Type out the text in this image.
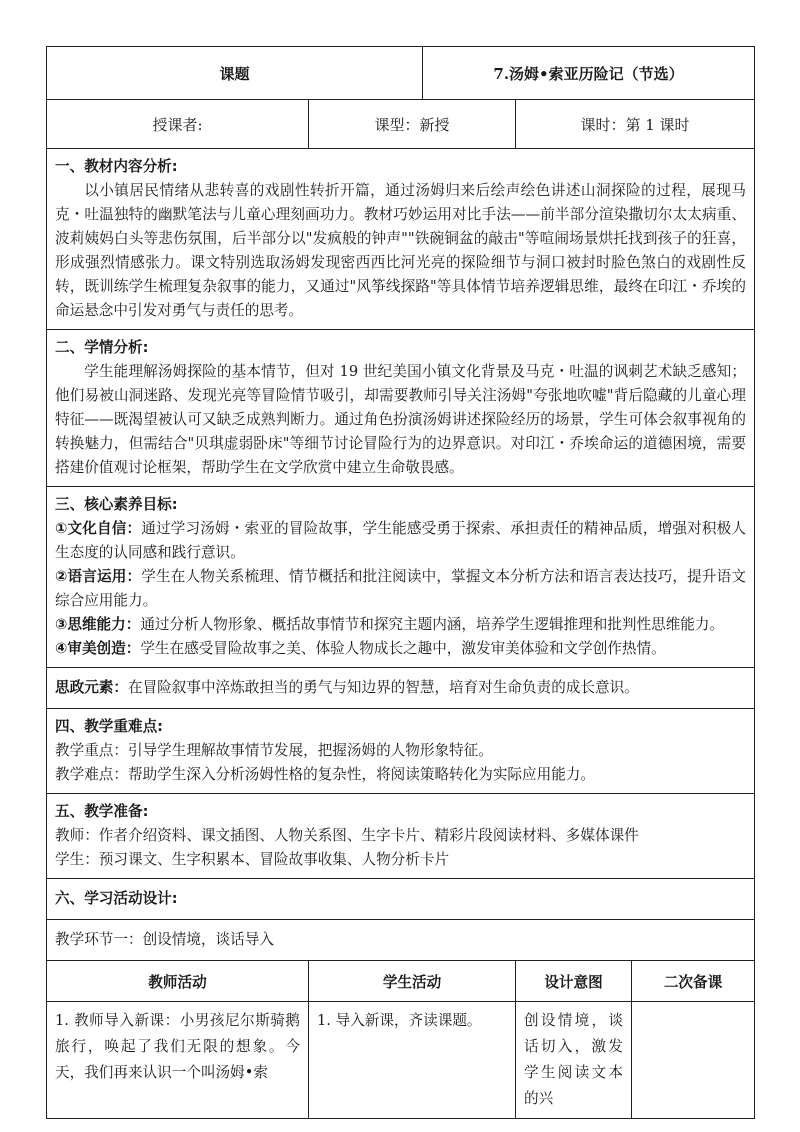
课题		7.汤姆•索亚历险记（节选）		
授课者:	课型：新授		课时：第 1 课时	

一、教材内容分析:
以小镇居民情绪从悲转喜的戏剧性转折开篇，通过汤姆归来后绘声绘色讲述山洞探险的过程，展现马克・吐温独特的幽默笔法与儿童心理刻画功力。教材巧妙运用对比手法——前半部分渲染撒切尔太太病重、波莉姨妈白头等悲伤氛围，后半部分以"发疯般的钟声""铁碗铜盆的敲击"等喧闹场景烘托找到孩子的狂喜，形成强烈情感张力。课文特别选取汤姆发现密西西比河光亮的探险细节与洞口被封时脸色煞白的戏剧性反转，既训练学生梳理复杂叙事的能力，又通过"风筝线探路"等具体情节培养逻辑思维，最终在印江・乔埃的命运悬念中引发对勇气与责任的思考。				

二、学情分析:
学生能理解汤姆探险的基本情节，但对 19 世纪美国小镇文化背景及马克・吐温的讽刺艺术缺乏感知；他们易被山洞迷路、发现光亮等冒险情节吸引，却需要教师引导关注汤姆"夸张地吹嘘"背后隐藏的儿童心理特征——既渴望被认可又缺乏成熟判断力。通过角色扮演汤姆讲述探险经历的场景，学生可体会叙事视角的转换魅力，但需结合"贝琪虚弱卧床"等细节讨论冒险行为的边界意识。对印江・乔埃命运的道德困境，需要搭建价值观讨论框架，帮助学生在文学欣赏中建立生命敬畏感。				

三、核心素养目标:
①文化自信：通过学习汤姆・索亚的冒险故事，学生能感受勇于探索、承担责任的精神品质，增强对积极人生态度的认同感和践行意识。
②语言运用：学生在人物关系梳理、情节概括和批注阅读中，掌握文本分析方法和语言表达技巧，提升语文综合应用能力。
③思维能力：通过分析人物形象、概括故事情节和探究主题内涵，培养学生逻辑推理和批判性思维能力。
④审美创造：学生在感受冒险故事之美、体验人物成长之趣中，激发审美体验和文学创作热情。				

思政元素：在冒险叙事中淬炼敢担当的勇气与知边界的智慧，培育对生命负责的成长意识。				

四、教学重难点:
教学重点：引导学生理解故事情节发展，把握汤姆的人物形象特征。
教学难点：帮助学生深入分析汤姆性格的复杂性，将阅读策略转化为实际应用能力。				

五、教学准备:
教师：作者介绍资料、课文插图、人物关系图、生字卡片、精彩片段阅读材料、多媒体课件
学生：预习课文、生字积累本、冒险故事收集、人物分析卡片				

六、学习活动设计:				

教学环节一：创设情境，谈话导入				

教师活动	学生活动		设计意图	二次备课
1. 教师导入新课：小男孩尼尔斯骑鹅旅行，唤起了我们无限的想象。今天，我们再来认识一个叫汤姆•索	1. 导入新课，齐读课题。		创设情境，谈话切入，激发学生阅读文本的兴	
